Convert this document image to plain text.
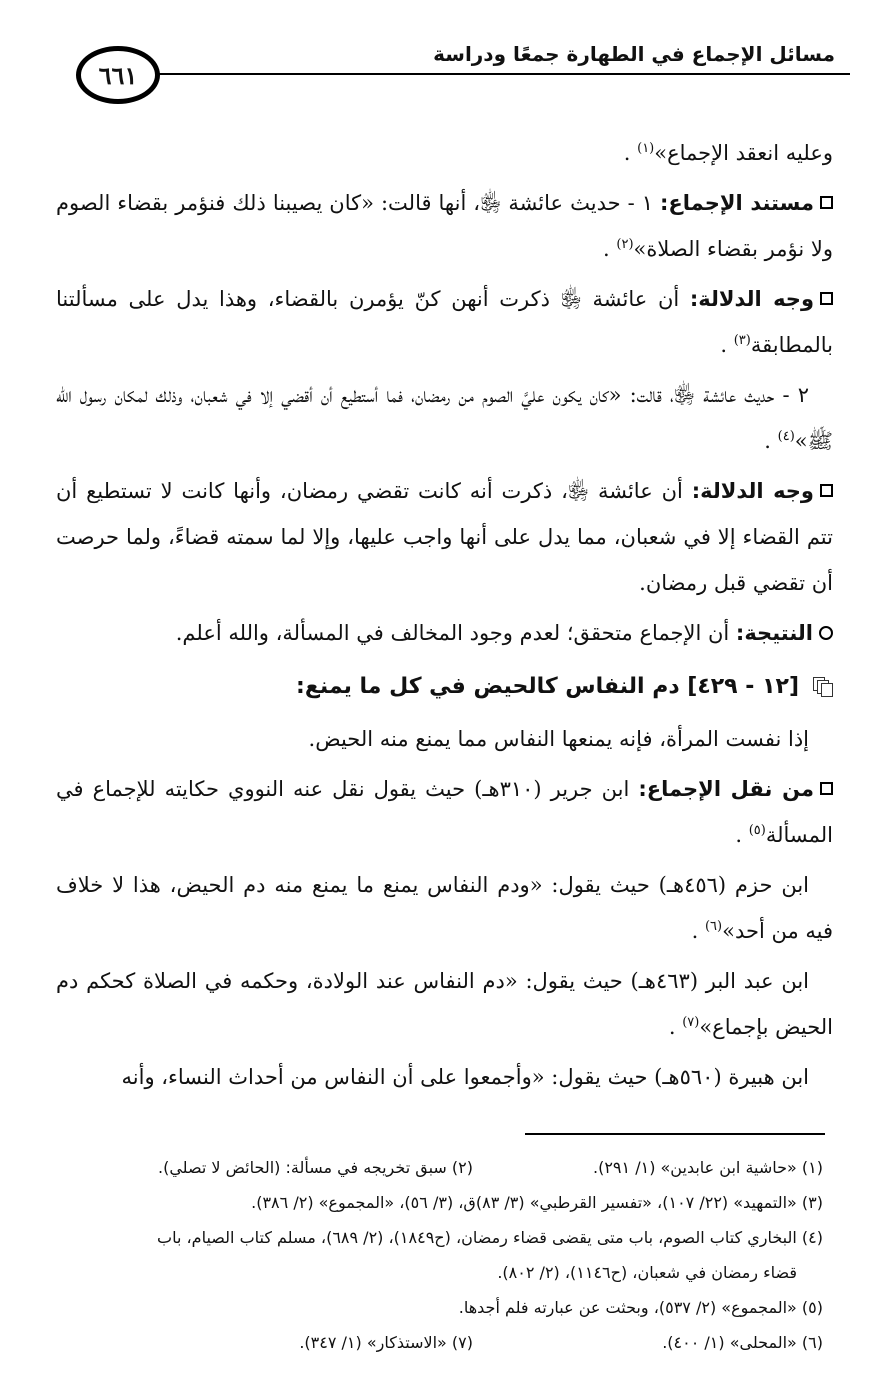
٦٦١
مسائل الإجماع في الطهارة جمعًا ودراسة

وعليه انعقد الإجماع»$^{(١)}$ .

مستند الإجماع: ١ - حديث عائشة ﵂، أنها قالت: «كان يصيبنا ذلك فنؤمر بقضاء الصوم ولا نؤمر بقضاء الصلاة»$^{(٢)}$ .

وجه الدلالة: أن عائشة ﵂ ذكرت أنهن كنّ يؤمرن بالقضاء، وهذا يدل على مسألتنا بالمطابقة$^{(٣)}$ .

٢ - حديث عائشة ﵂، قالت: «كان يكون عليَّ الصوم من رمضان، فما أستطيع أن أقضي إلا في شعبان، وذلك لمكان رسول الله ﷺ»$^{(٤)}$ .

وجه الدلالة: أن عائشة ﵂، ذكرت أنه كانت تقضي رمضان، وأنها كانت لا تستطيع أن تتم القضاء إلا في شعبان، مما يدل على أنها واجب عليها، وإلا لما سمته قضاءً، ولما حرصت أن تقضي قبل رمضان.

النتيجة: أن الإجماع متحقق؛ لعدم وجود المخالف في المسألة، والله أعلم.

[١٢ - ٤٢٩] دم النفاس كالحيض في كل ما يمنع:

إذا نفست المرأة، فإنه يمنعها النفاس مما يمنع منه الحيض.

من نقل الإجماع: ابن جرير (٣١٠هـ) حيث يقول نقل عنه النووي حكايته للإجماع في المسألة$^{(٥)}$ .

ابن حزم (٤٥٦هـ) حيث يقول: «ودم النفاس يمنع ما يمنع منه دم الحيض، هذا لا خلاف فيه من أحد»$^{(٦)}$ .

ابن عبد البر (٤٦٣هـ) حيث يقول: «دم النفاس عند الولادة، وحكمه في الصلاة كحكم دم الحيض بإجماع»$^{(٧)}$ .

ابن هبيرة (٥٦٠هـ) حيث يقول: «وأجمعوا على أن النفاس من أحداث النساء، وأنه

(١) «حاشية ابن عابدين» (١/ ٢٩١).
(٢) سبق تخريجه في مسألة: (الحائض لا تصلي).
(٣) «التمهيد» (٢٢/ ١٠٧)، «تفسير القرطبي» (٣/ ٨٣)ق، (٣/ ٥٦)، «المجموع» (٢/ ٣٨٦).
(٤) البخاري كتاب الصوم، باب متى يقضى قضاء رمضان، (ح١٨٤٩)، (٢/ ٦٨٩)، مسلم كتاب الصيام، باب
قضاء رمضان في شعبان، (ح١١٤٦)، (٢/ ٨٠٢).
(٥) «المجموع» (٢/ ٥٣٧)، وبحثت عن عبارته فلم أجدها.
(٦) «المحلى» (١/ ٤٠٠).
(٧) «الاستذكار» (١/ ٣٤٧).
